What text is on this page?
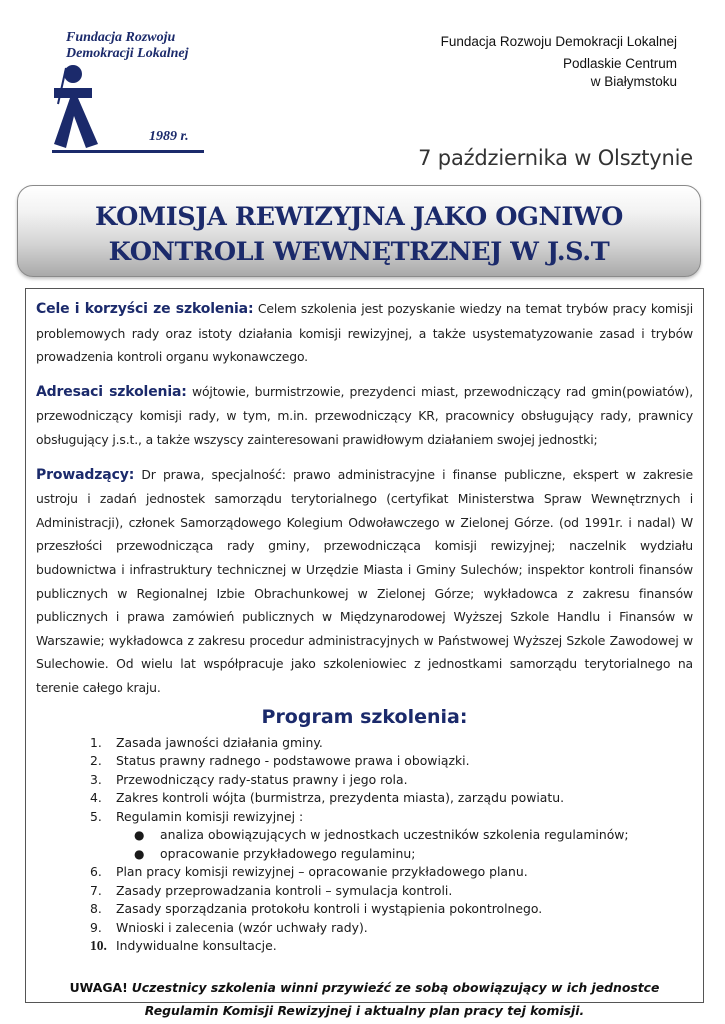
Fundacja Rozwoju
Demokracji Lokalnej
1989 r.
Fundacja Rozwoju Demokracji Lokalnej
Podlaskie Centrum
w Białymstoku
7 października w Olsztynie
KOMISJA REWIZYJNA JAKO OGNIWO
KONTROLI WEWNĘTRZNEJ W J.S.T

Cele i korzyści ze szkolenia: Celem szkolenia jest pozyskanie wiedzy na temat trybów pracy komisji problemowych rady oraz istoty działania komisji rewizyjnej, a także usystematyzowanie zasad i trybów prowadzenia kontroli organu wykonawczego.

Adresaci szkolenia: wójtowie, burmistrzowie, prezydenci miast, przewodniczący rad gmin(powiatów), przewodniczący komisji rady, w tym, m.in. przewodniczący KR, pracownicy obsługujący rady, prawnicy obsługujący j.s.t., a także wszyscy zainteresowani prawidłowym działaniem swojej jednostki;

Prowadzący: Dr prawa, specjalność: prawo administracyjne i finanse publiczne, ekspert w zakresie ustroju i zadań jednostek samorządu terytorialnego (certyfikat Ministerstwa Spraw Wewnętrznych i Administracji), członek Samorządowego Kolegium Odwoławczego w Zielonej Górze. (od 1991r. i nadal) W przeszłości przewodnicząca rady gminy, przewodnicząca komisji rewizyjnej; naczelnik wydziału budownictwa i infrastruktury technicznej w Urzędzie Miasta i Gminy Sulechów; inspektor kontroli finansów publicznych w Regionalnej Izbie Obrachunkowej w Zielonej Górze; wykładowca z zakresu finansów publicznych i prawa zamówień publicznych w Międzynarodowej Wyższej Szkole Handlu i Finansów w Warszawie; wykładowca z zakresu procedur administracyjnych w Państwowej Wyższej Szkole Zawodowej w Sulechowie. Od wielu lat współpracuje jako szkoleniowiec z jednostkami samorządu terytorialnego na terenie całego kraju.

Program szkolenia:
1. Zasada jawności działania gminy.
2. Status prawny radnego - podstawowe prawa i obowiązki.
3. Przewodniczący rady-status prawny i jego rola.
4. Zakres kontroli wójta (burmistrza, prezydenta miasta), zarządu powiatu.
5. Regulamin komisji rewizyjnej :
● analiza obowiązujących w jednostkach uczestników szkolenia regulaminów;
● opracowanie przykładowego regulaminu;
6. Plan pracy komisji rewizyjnej – opracowanie przykładowego planu.
7. Zasady przeprowadzania kontroli – symulacja kontroli.
8. Zasady sporządzania protokołu kontroli i wystąpienia pokontrolnego.
9. Wnioski i zalecenia (wzór uchwały rady).
10. Indywidualne konsultacje.
UWAGA! Uczestnicy szkolenia winni przywieźć ze sobą obowiązujący w ich jednostce Regulamin Komisji Rewizyjnej i aktualny plan pracy tej komisji.
